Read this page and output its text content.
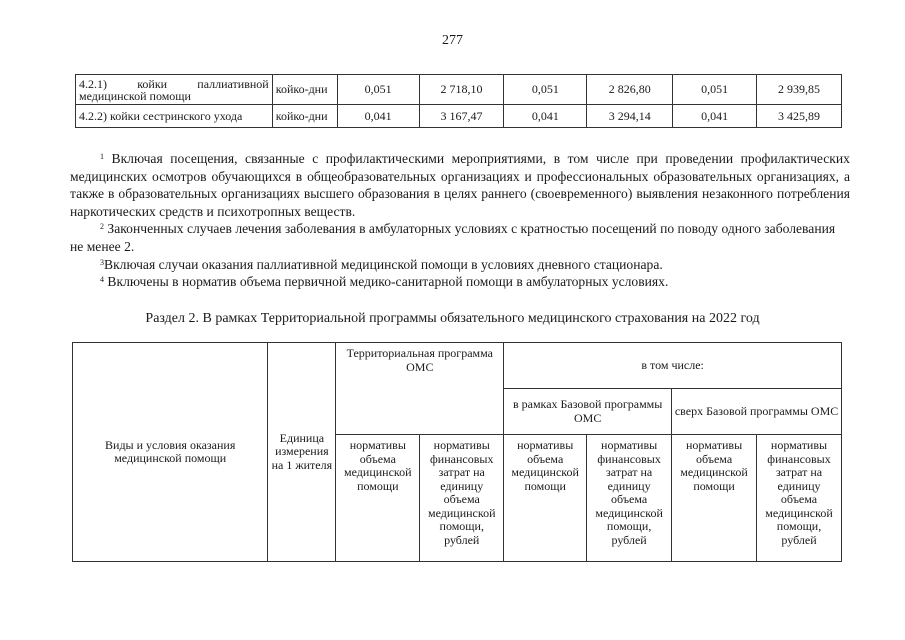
277
4.2.1) койки паллиативной
медицинской помощи	койко-дни	0,051	2 718,10	0,051	2 826,80	0,051	2 939,85
4.2.2) койки сестринского ухода	койко-дни	0,041	3 167,47	0,041	3 294,14	0,041	3 425,89

$^1$ Включая посещения, связанные с профилактическими мероприятиями, в том числе при проведении профилактических медицинских осмотров обучающихся в общеобразовательных организациях и профессиональных образовательных организациях, а также в образовательных организациях высшего образования в целях раннего (своевременного) выявления незаконного потребления наркотических средств и психотропных веществ.

$^2$ Законченных случаев лечения заболевания в амбулаторных условиях с кратностью посещений по поводу одного заболевания не менее 2.

$^3$Включая случаи оказания паллиативной медицинской помощи в условиях дневного стационара.

$^4$ Включены в норматив объема первичной медико-санитарной помощи в амбулаторных условиях.

Раздел 2. В рамках Территориальной программы обязательного медицинского страхования на 2022 год
Виды и условия оказания медицинской помощи	Единица измерения на 1 жителя	Территориальная программа ОМС		в том числе:			
				в рамках Базовой программы ОМС		сверх Базовой программы ОМС	
		нормативы объема медицинской помощи	нормативы финансовых затрат на единицу объема медицинской помощи, рублей	нормативы объема медицинской помощи	нормативы финансовых затрат на единицу объема медицинской помощи, рублей	нормативы объема медицинской помощи	нормативы финансовых затрат на единицу объема медицинской помощи, рублей
